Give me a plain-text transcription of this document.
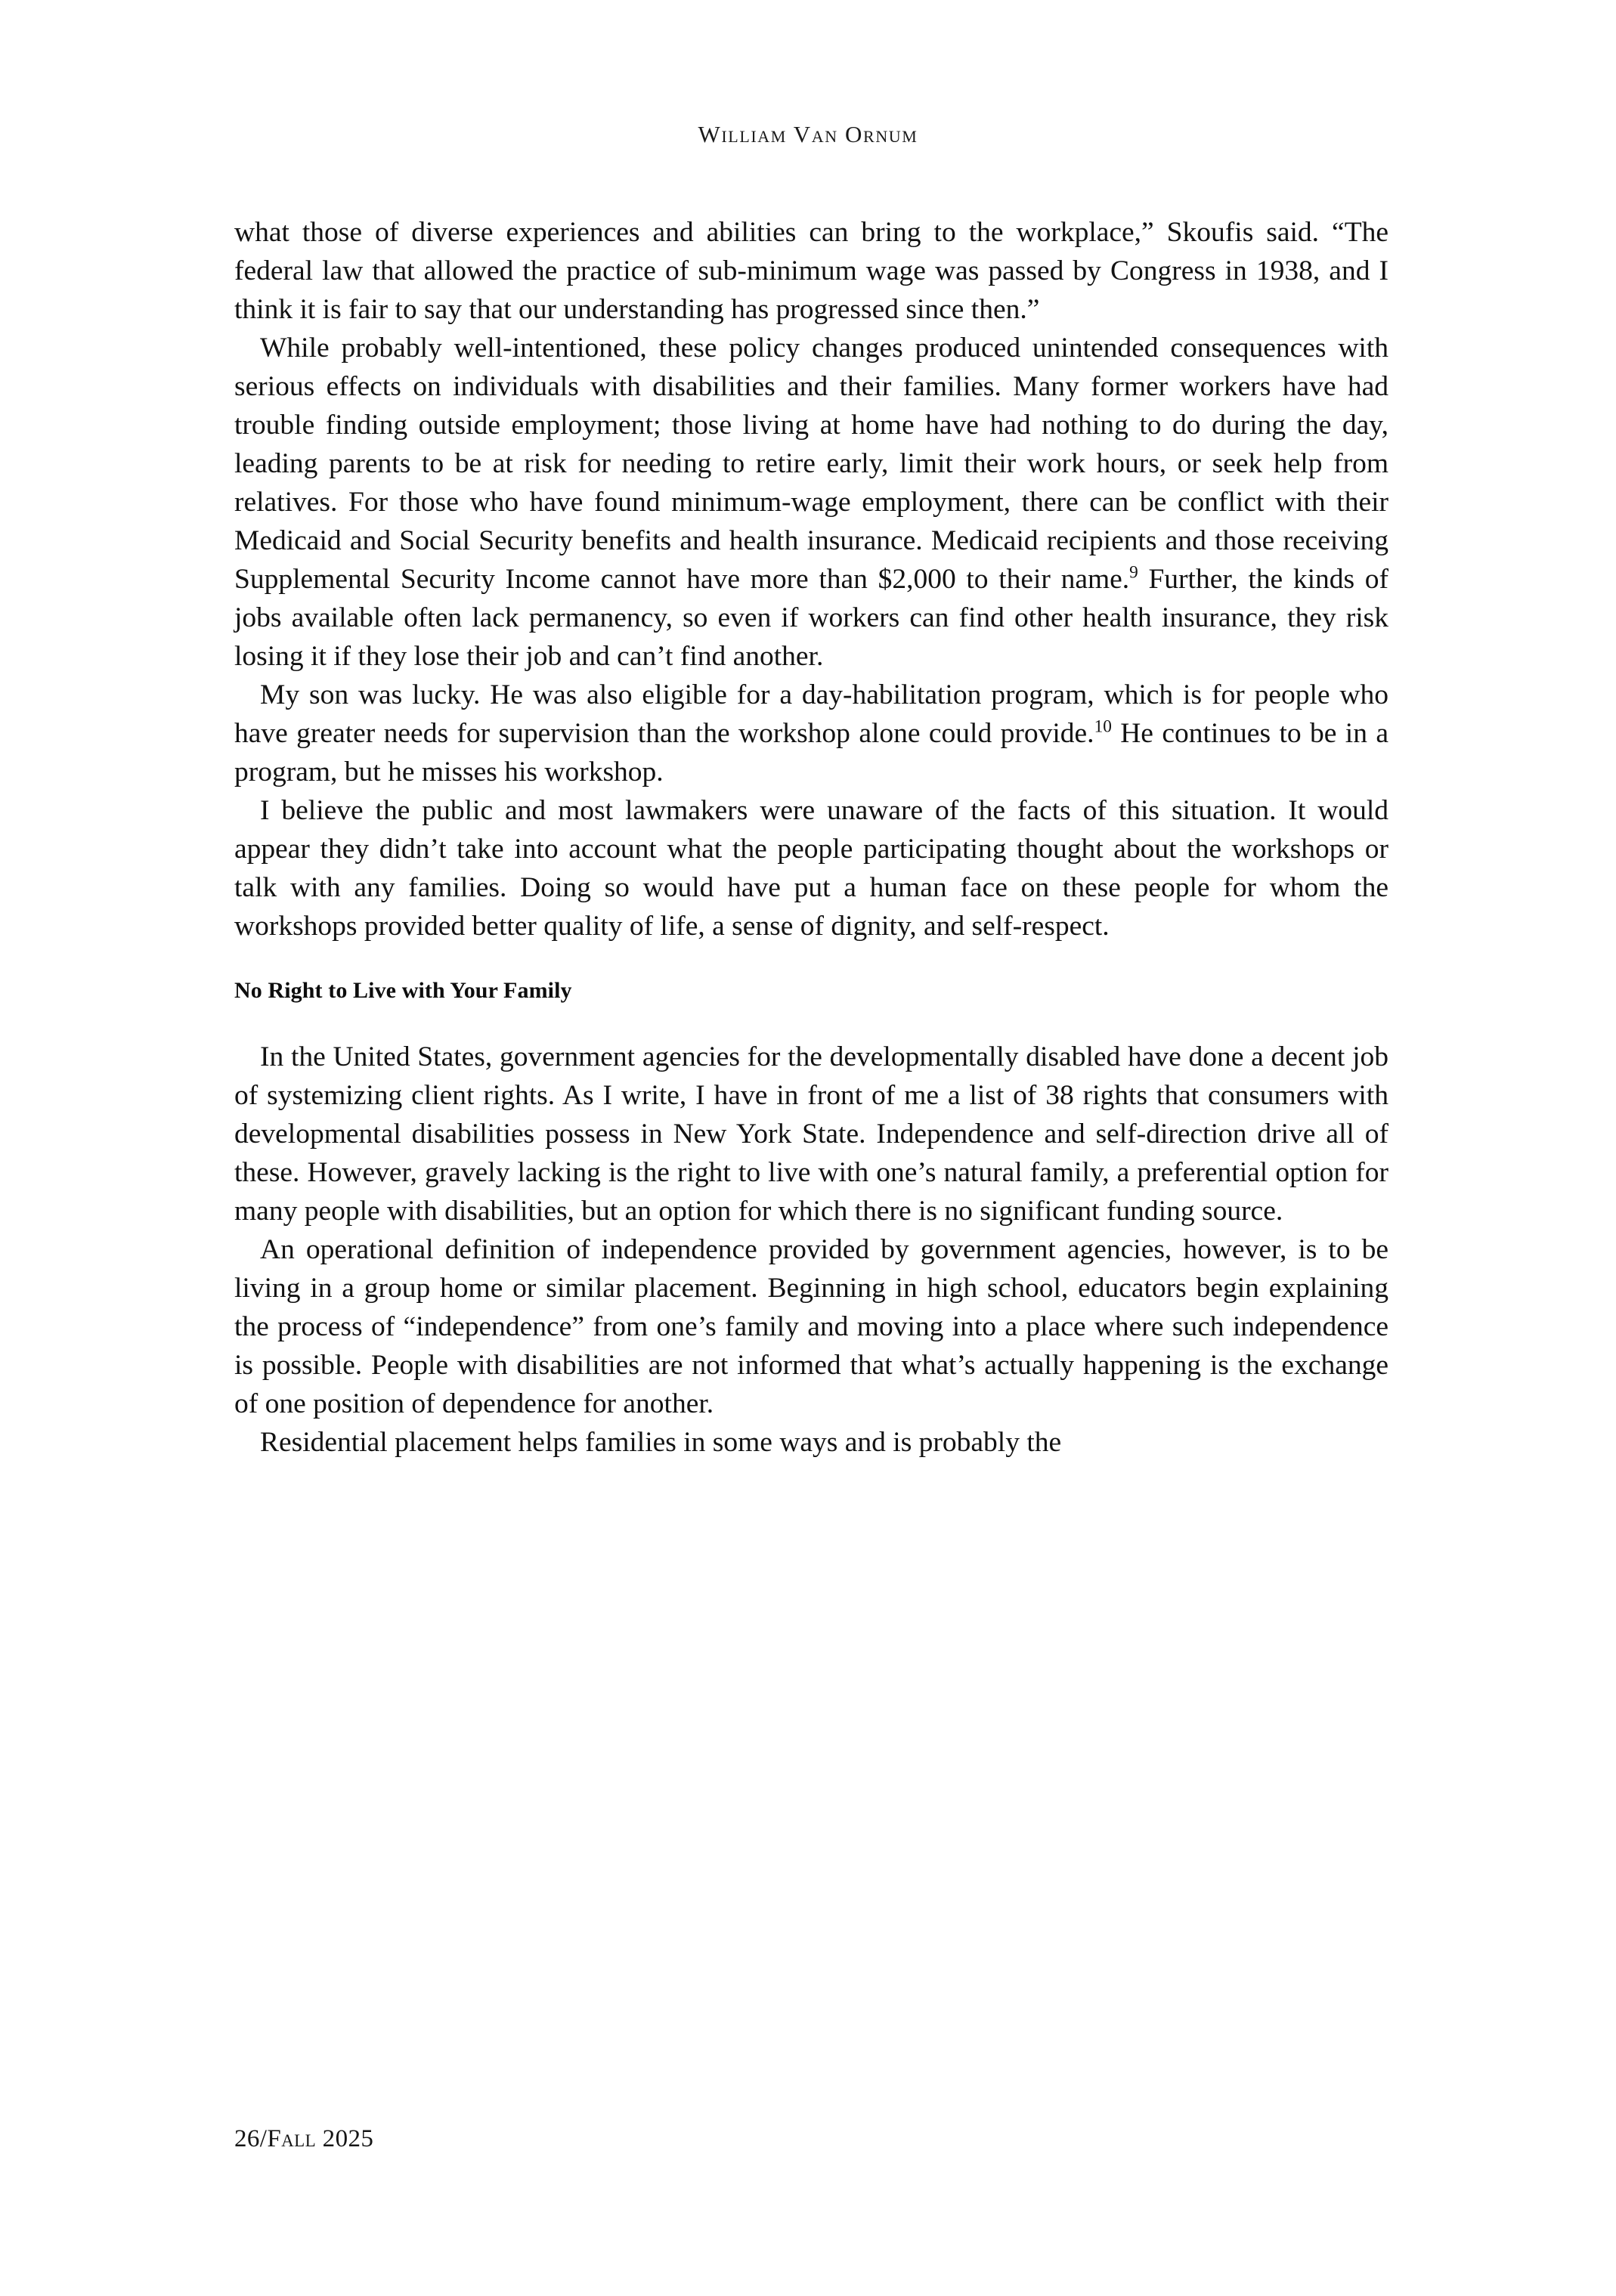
William Van Ornum

what those of diverse experiences and abilities can bring to the workplace,” Skoufis said. “The federal law that allowed the practice of sub-minimum wage was passed by Congress in 1938, and I think it is fair to say that our understanding has progressed since then.”

While probably well-intentioned, these policy changes produced unintended consequences with serious effects on individuals with disabilities and their families. Many former workers have had trouble finding outside employment; those living at home have had nothing to do during the day, leading parents to be at risk for needing to retire early, limit their work hours, or seek help from relatives. For those who have found minimum-wage employment, there can be conflict with their Medicaid and Social Security benefits and health insurance. Medicaid recipients and those receiving Supplemental Security Income cannot have more than $2,000 to their name.$^9$ Further, the kinds of jobs available often lack permanency, so even if workers can find other health insurance, they risk losing it if they lose their job and can’t find another.

My son was lucky. He was also eligible for a day-habilitation program, which is for people who have greater needs for supervision than the workshop alone could provide.$^{10}$ He continues to be in a program, but he misses his workshop.

I believe the public and most lawmakers were unaware of the facts of this situation. It would appear they didn’t take into account what the people participating thought about the workshops or talk with any families. Doing so would have put a human face on these people for whom the workshops provided better quality of life, a sense of dignity, and self-respect.

No Right to Live with Your Family

In the United States, government agencies for the developmentally disabled have done a decent job of systemizing client rights. As I write, I have in front of me a list of 38 rights that consumers with developmental disabilities possess in New York State. Independence and self-direction drive all of these. However, gravely lacking is the right to live with one’s natural family, a preferential option for many people with disabilities, but an option for which there is no significant funding source.

An operational definition of independence provided by government agencies, however, is to be living in a group home or similar placement. Beginning in high school, educators begin explaining the process of “independence” from one’s family and moving into a place where such independence is possible. People with disabilities are not informed that what’s actually happening is the exchange of one position of dependence for another.

Residential placement helps families in some ways and is probably the

26/Fall 2025
